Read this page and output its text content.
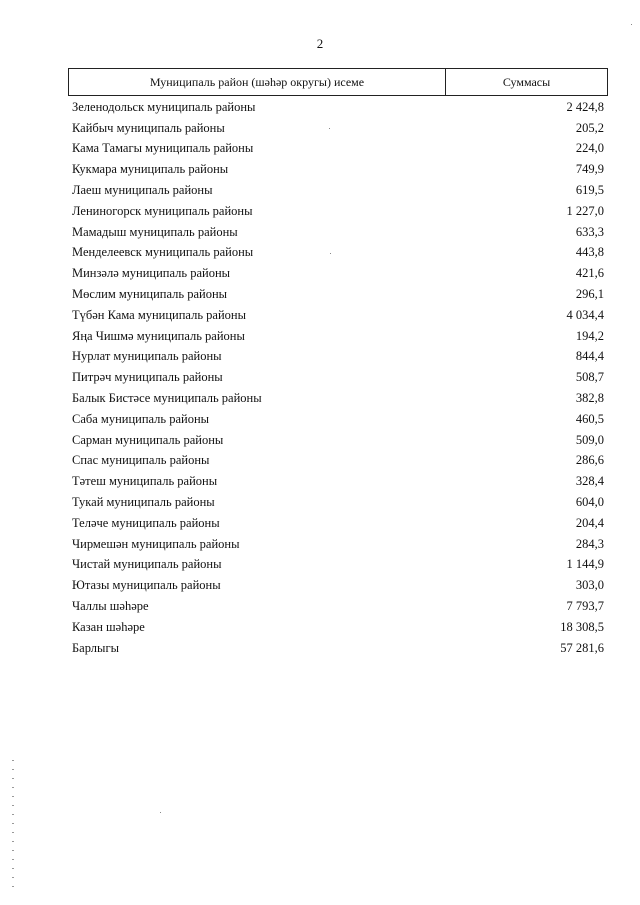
2
Муниципаль район (шәһәр округы) исеме	Суммасы
Зеленодольск муниципаль районы	2 424,8
Кайбыч муниципаль районы	205,2
Кама Тамагы муниципаль районы	224,0
Кукмара муниципаль районы	749,9
Лаеш муниципаль районы	619,5
Лениногорск муниципаль районы	1 227,0
Мамадыш муниципаль районы	633,3
Менделеевск муниципаль районы	443,8
Минзәлә муниципаль районы	421,6
Мөслим муниципаль районы	296,1
Түбән Кама муниципаль районы	4 034,4
Яңа Чишмә муниципаль районы	194,2
Нурлат муниципаль районы	844,4
Питрәч муниципаль районы	508,7
Балык Бистәсе муниципаль районы	382,8
Саба муниципаль районы	460,5
Сарман муниципаль районы	509,0
Спас муниципаль районы	286,6
Тәтеш муниципаль районы	328,4
Тукай муниципаль районы	604,0
Теләче муниципаль районы	204,4
Чирмешән муниципаль районы	284,3
Чистай муниципаль районы	1 144,9
Ютазы муниципаль районы	303,0
Чаллы шәһәре	7 793,7
Казан шәһәре	18 308,5
Барлыгы	57 281,6
